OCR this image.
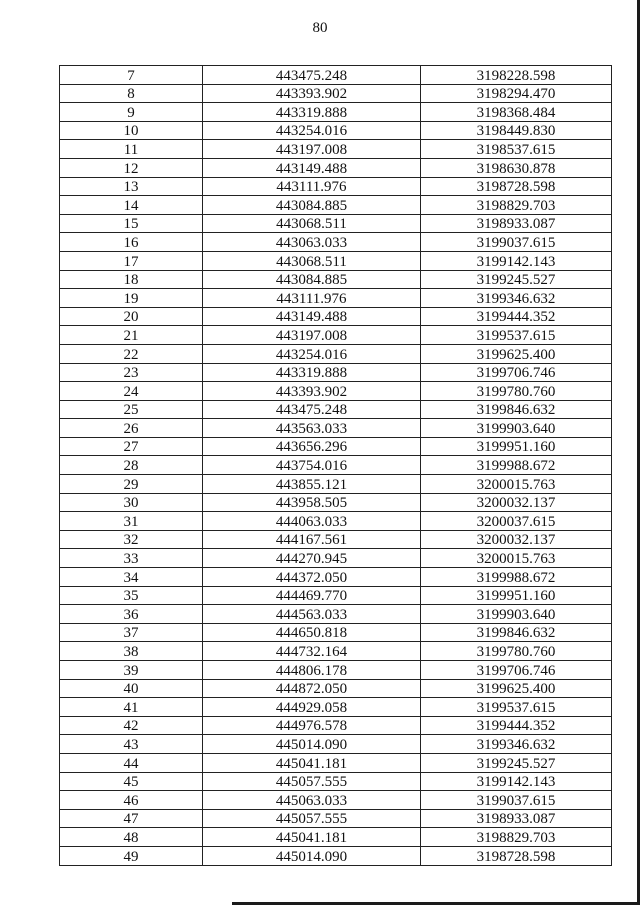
80
7	443475.248	3198228.598
8	443393.902	3198294.470
9	443319.888	3198368.484
10	443254.016	3198449.830
11	443197.008	3198537.615
12	443149.488	3198630.878
13	443111.976	3198728.598
14	443084.885	3198829.703
15	443068.511	3198933.087
16	443063.033	3199037.615
17	443068.511	3199142.143
18	443084.885	3199245.527
19	443111.976	3199346.632
20	443149.488	3199444.352
21	443197.008	3199537.615
22	443254.016	3199625.400
23	443319.888	3199706.746
24	443393.902	3199780.760
25	443475.248	3199846.632
26	443563.033	3199903.640
27	443656.296	3199951.160
28	443754.016	3199988.672
29	443855.121	3200015.763
30	443958.505	3200032.137
31	444063.033	3200037.615
32	444167.561	3200032.137
33	444270.945	3200015.763
34	444372.050	3199988.672
35	444469.770	3199951.160
36	444563.033	3199903.640
37	444650.818	3199846.632
38	444732.164	3199780.760
39	444806.178	3199706.746
40	444872.050	3199625.400
41	444929.058	3199537.615
42	444976.578	3199444.352
43	445014.090	3199346.632
44	445041.181	3199245.527
45	445057.555	3199142.143
46	445063.033	3199037.615
47	445057.555	3198933.087
48	445041.181	3198829.703
49	445014.090	3198728.598
